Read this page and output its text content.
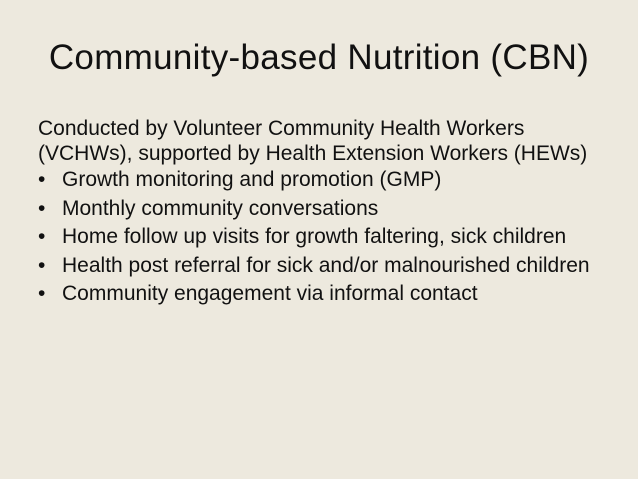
Community-based Nutrition (CBN)

Conducted by Volunteer Community Health Workers (VCHWs), supported by Health Extension Workers (HEWs)

• Growth monitoring and promotion (GMP)
• Monthly community conversations
• Home follow up visits for growth faltering, sick children
• Health post referral for sick and/or malnourished children
• Community engagement via informal contact
